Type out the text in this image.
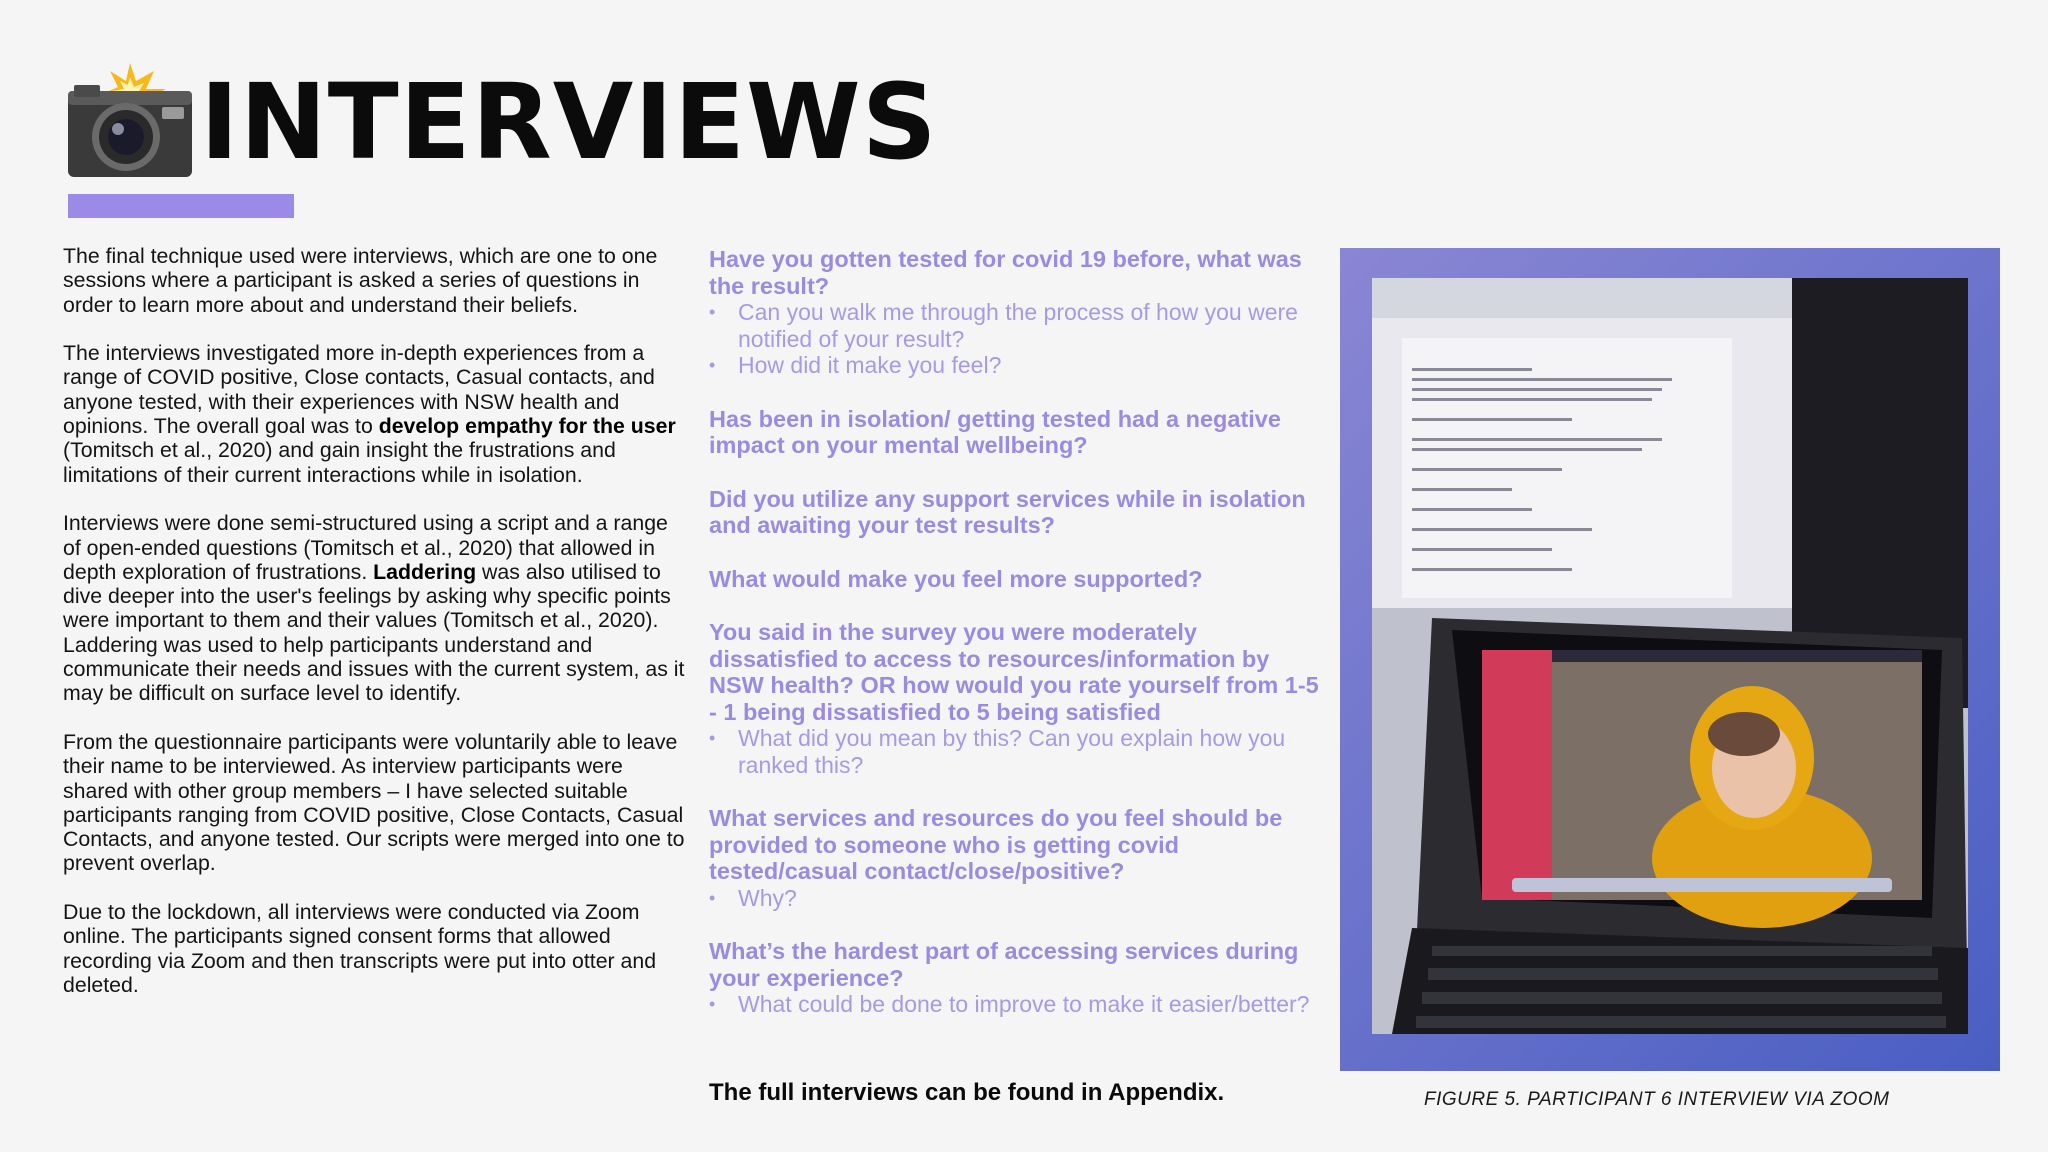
INTERVIEWS

The final technique used were interviews, which are one to one sessions where a participant is asked a series of questions in order to learn more about and understand their beliefs.

The interviews investigated more in-depth experiences from a range of COVID positive, Close contacts, Casual contacts, and anyone tested, with their experiences with NSW health and opinions. The overall goal was to develop empathy for the user (Tomitsch et al., 2020) and gain insight the frustrations and limitations of their current interactions while in isolation.

Interviews were done semi-structured using a script and a range of open-ended questions (Tomitsch et al., 2020) that allowed in depth exploration of frustrations. Laddering was also utilised to dive deeper into the user's feelings by asking why specific points were important to them and their values (Tomitsch et al., 2020). Laddering was used to help participants understand and communicate their needs and issues with the current system, as it may be difficult on surface level to identify.

From the questionnaire participants were voluntarily able to leave their name to be interviewed. As interview participants were shared with other group members – I have selected suitable participants ranging from COVID positive, Close Contacts, Casual Contacts, and anyone tested. Our scripts were merged into one to prevent overlap.

Due to the lockdown, all interviews were conducted via Zoom online. The participants signed consent forms that allowed recording via Zoom and then transcripts were put into otter and deleted.

Have you gotten tested for covid 19 before, what was the result?

• Can you walk me through the process of how you were notified of your result?
• How did it make you feel?

Has been in isolation/ getting tested had a negative impact on your mental wellbeing?

Did you utilize any support services while in isolation and awaiting your test results?

What would make you feel more supported?

You said in the survey you were moderately dissatisfied to access to resources/information by NSW health? OR how would you rate yourself from 1-5 - 1 being dissatisfied to 5 being satisfied

• What did you mean by this? Can you explain how you ranked this?

What services and resources do you feel should be provided to someone who is getting covid tested/casual contact/close/positive?

• Why?

What’s the hardest part of accessing services during your experience?

• What could be done to improve to make it easier/better?
The full interviews can be found in Appendix.	FIGURE 5. PARTICIPANT 6 INTERVIEW VIA ZOOM
